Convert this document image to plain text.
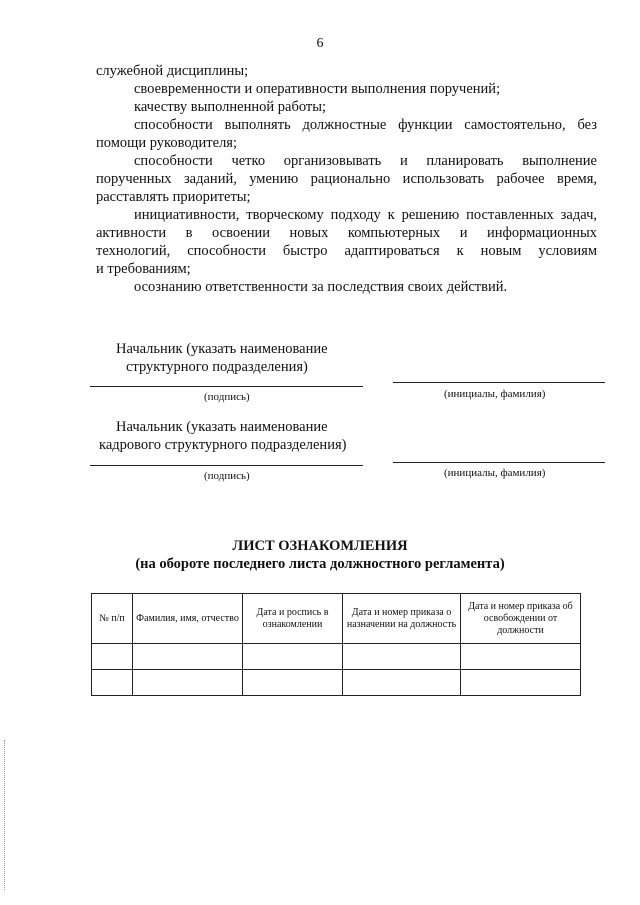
6
служебной дисциплины;
своевременности и оперативности выполнения поручений;
качеству выполненной работы;
способности выполнять должностные функции самостоятельно, без
помощи руководителя;
способности четко организовывать и планировать выполнение
порученных заданий, умению рационально использовать рабочее время,
расставлять приоритеты;
инициативности, творческому подходу к решению поставленных задач,
активности в освоении новых компьютерных и информационных
технологий, способности быстро адаптироваться к новым условиям
и требованиям;
осознанию ответственности за последствия своих действий.
Начальник (указать наименование
структурного подразделения)
(подпись)	(инициалы, фамилия)
Начальник (указать наименование
кадрового структурного подразделения)
(подпись)	(инициалы, фамилия)
ЛИСТ ОЗНАКОМЛЕНИЯ
(на обороте последнего листа должностного регламента)
№ п/п	Фамилия, имя, отчество	Дата и роспись в ознакомлении	Дата и номер приказа о назначении на должность	Дата и номер приказа об освобождении от должности
